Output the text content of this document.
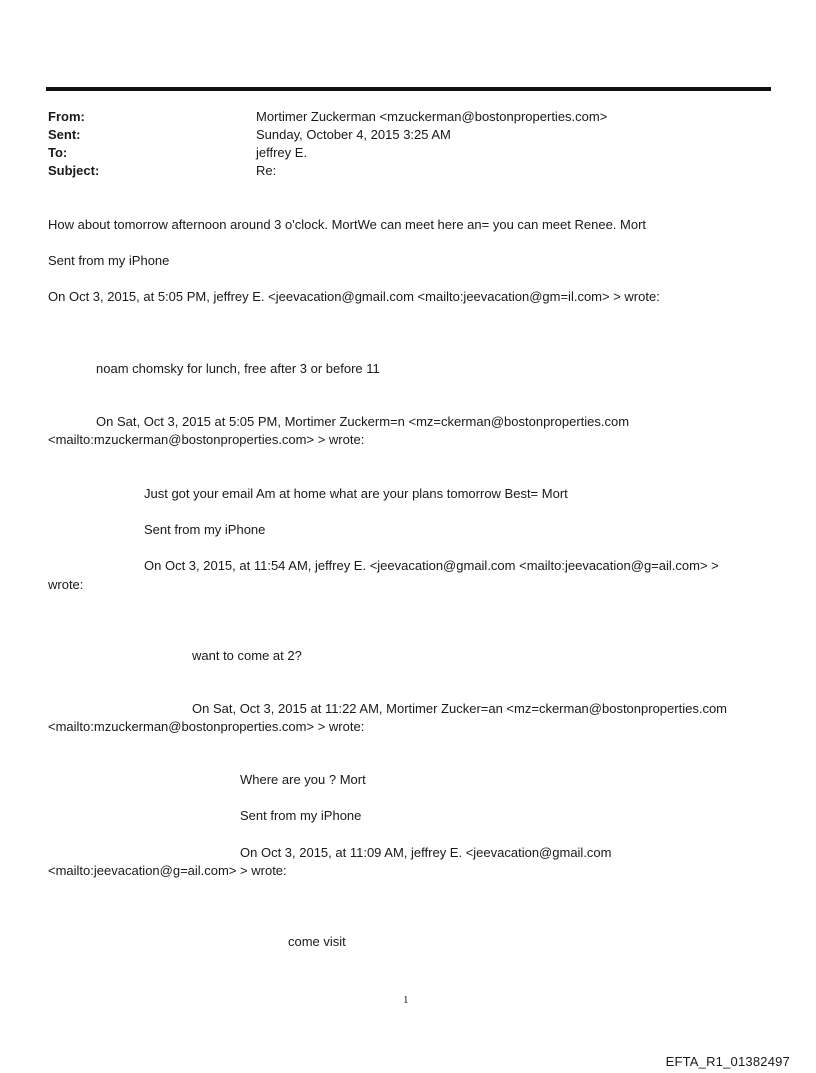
From:	Mortimer Zuckerman <mzuckerman@bostonproperties.com>
Sent:	Sunday, October 4, 2015 3:25 AM
To:	jeffrey E.
Subject:	Re:
How about tomorrow afternoon around 3 o'clock. MortWe can meet here an= you can meet Renee. Mort
Sent from my iPhone
On Oct 3, 2015, at 5:05 PM, jeffrey E. <jeevacation@gmail.com <mailto:jeevacation@gm=il.com> > wrote:
noam chomsky for lunch, free after 3 or before 11
On Sat, Oct 3, 2015 at 5:05 PM, Mortimer Zuckerm=n <mz=ckerman@bostonproperties.com
<mailto:mzuckerman@bostonproperties.com> > wrote:
Just got your email Am at home what are your plans tomorrow Best= Mort
Sent from my iPhone
On Oct 3, 2015, at 11:54 AM, jeffrey E. <jeevacation@gmail.com <mailto:jeevacation@g=ail.com> >
wrote:
want to come at 2?
On Sat, Oct 3, 2015 at 11:22 AM, Mortimer Zucker=an <mz=ckerman@bostonproperties.com
<mailto:mzuckerman@bostonproperties.com> > wrote:
Where are you ? Mort
Sent from my iPhone
On Oct 3, 2015, at 11:09 AM, jeffrey E. <jeevacation@gmail.com
<mailto:jeevacation@g=ail.com> > wrote:
come visit
1
EFTA_R1_01382497
